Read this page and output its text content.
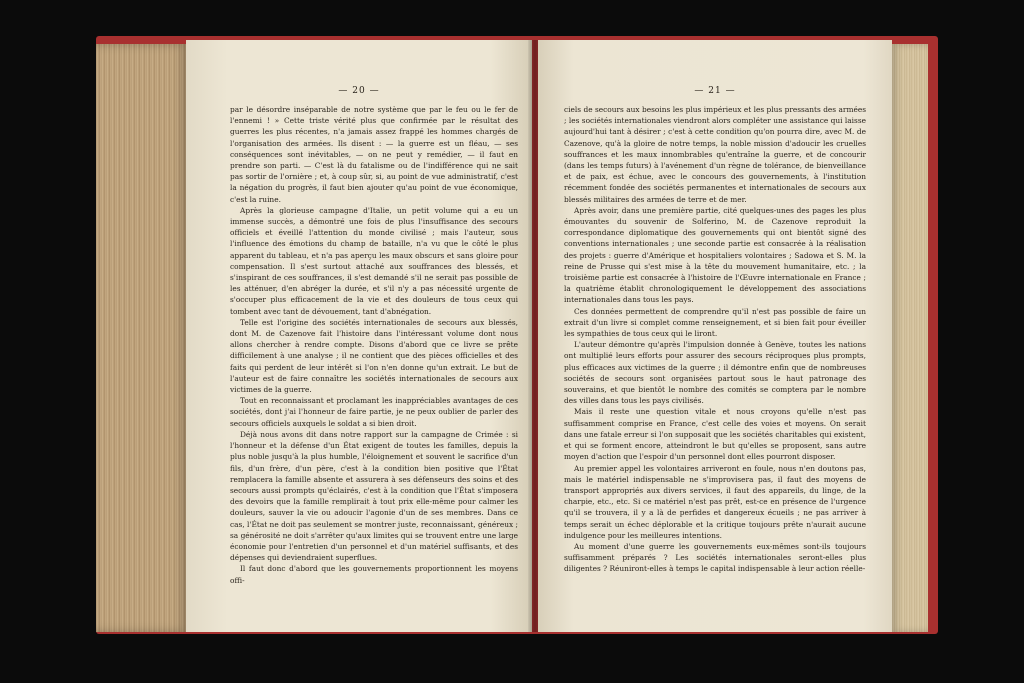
— 20 —

par le désordre inséparable de notre système que par le feu ou le fer de l'ennemi ! » Cette triste vérité plus que confirmée par le résultat des guerres les plus récentes, n'a jamais assez frappé les hommes chargés de l'organisation des armées. Ils disent : — la guerre est un fléau, — ses conséquences sont inévitables, — on ne peut y remédier, — il faut en prendre son parti. — C'est là du fatalisme ou de l'indifférence qui ne sait pas sortir de l'ornière ; et, à coup sûr, si, au point de vue administratif, c'est la négation du progrès, il faut bien ajouter qu'au point de vue économique, c'est la ruine.

Après la glorieuse campagne d'Italie, un petit volume qui a eu un immense succès, a démontré une fois de plus l'insuffisance des secours officiels et éveillé l'attention du monde civilisé ; mais l'auteur, sous l'influence des émotions du champ de bataille, n'a vu que le côté le plus apparent du tableau, et n'a pas aperçu les maux obscurs et sans gloire pour compensation. Il s'est surtout attaché aux souffrances des blessés, et s'inspirant de ces souffrances, il s'est demandé s'il ne serait pas possible de les atténuer, d'en abréger la durée, et s'il n'y a pas nécessité urgente de s'occuper plus efficacement de la vie et des douleurs de tous ceux qui tombent avec tant de dévouement, tant d'abnégation.

Telle est l'origine des sociétés internationales de secours aux blessés, dont M. de Cazenove fait l'histoire dans l'intéressant volume dont nous allons chercher à rendre compte. Disons d'abord que ce livre se prête difficilement à une analyse ; il ne contient que des pièces officielles et des faits qui perdent de leur intérêt si l'on n'en donne qu'un extrait. Le but de l'auteur est de faire connaître les sociétés internationales de secours aux victimes de la guerre.

Tout en reconnaissant et proclamant les inappréciables avantages de ces sociétés, dont j'ai l'honneur de faire partie, je ne peux oublier de parler des secours officiels auxquels le soldat a si bien droit.

Déjà nous avons dit dans notre rapport sur la campagne de Crimée : si l'honneur et la défense d'un État exigent de toutes les familles, depuis la plus noble jusqu'à la plus humble, l'éloignement et souvent le sacrifice d'un fils, d'un frère, d'un père, c'est à la condition bien positive que l'État remplacera la famille absente et assurera à ses défenseurs des soins et des secours aussi prompts qu'éclairés, c'est à la condition que l'État s'imposera des devoirs que la famille remplirait à tout prix elle-même pour calmer les douleurs, sauver la vie ou adoucir l'agonie d'un de ses membres. Dans ce cas, l'État ne doit pas seulement se montrer juste, reconnaissant, généreux ; sa générosité ne doit s'arrêter qu'aux limites qui se trouvent entre une large économie pour l'entretien d'un personnel et d'un matériel suffisants, et des dépenses qui deviendraient superflues.

Il faut donc d'abord que les gouvernements proportionnent les moyens offi-

— 21 —

ciels de secours aux besoins les plus impérieux et les plus pressants des armées ; les sociétés internationales viendront alors compléter une assistance qui laisse aujourd'hui tant à désirer ; c'est à cette condition qu'on pourra dire, avec M. de Cazenove, qu'à la gloire de notre temps, la noble mission d'adoucir les cruelles souffrances et les maux innombrables qu'entraîne la guerre, et de concourir (dans les temps futurs) à l'avénement d'un règne de tolérance, de bienveillance et de paix, est échue, avec le concours des gouvernements, à l'institution récemment fondée des sociétés permanentes et internationales de secours aux blessés militaires des armées de terre et de mer.

Après avoir, dans une première partie, cité quelques-unes des pages les plus émouvantes du souvenir de Solferino, M. de Cazenove reproduit la correspondance diplomatique des gouvernements qui ont bientôt signé des conventions internationales ; une seconde partie est consacrée à la réalisation des projets : guerre d'Amérique et hospitaliers volontaires ; Sadowa et S. M. la reine de Prusse qui s'est mise à la tête du mouvement humanitaire, etc. ; la troisième partie est consacrée à l'histoire de l'Œuvre internationale en France ; la quatrième établit chronologiquement le développement des associations internationales dans tous les pays.

Ces données permettent de comprendre qu'il n'est pas possible de faire un extrait d'un livre si complet comme renseignement, et si bien fait pour éveiller les sympathies de tous ceux qui le liront.

L'auteur démontre qu'après l'impulsion donnée à Genève, toutes les nations ont multiplié leurs efforts pour assurer des secours réciproques plus prompts, plus efficaces aux victimes de la guerre ; il démontre enfin que de nombreuses sociétés de secours sont organisées partout sous le haut patronage des souverains, et que bientôt le nombre des comités se comptera par le nombre des villes dans tous les pays civilisés.

Mais il reste une question vitale et nous croyons qu'elle n'est pas suffisamment comprise en France, c'est celle des voies et moyens. On serait dans une fatale erreur si l'on supposait que les sociétés charitables qui existent, et qui se forment encore, atteindront le but qu'elles se proposent, sans autre moyen d'action que l'espoir d'un personnel dont elles pourront disposer.

Au premier appel les volontaires arriveront en foule, nous n'en doutons pas, mais le matériel indispensable ne s'improvisera pas, il faut des moyens de transport appropriés aux divers services, il faut des appareils, du linge, de la charpie, etc., etc. Si ce matériel n'est pas prêt, est-ce en présence de l'urgence qu'il se trouvera, il y a là de perfides et dangereux écueils ; ne pas arriver à temps serait un échec déplorable et la critique toujours prête n'aurait aucune indulgence pour les meilleures intentions.

Au moment d'une guerre les gouvernements eux-mêmes sont-ils toujours suffisamment préparés ? Les sociétés internationales seront-elles plus diligentes ? Réuniront-elles à temps le capital indispensable à leur action réelle-
